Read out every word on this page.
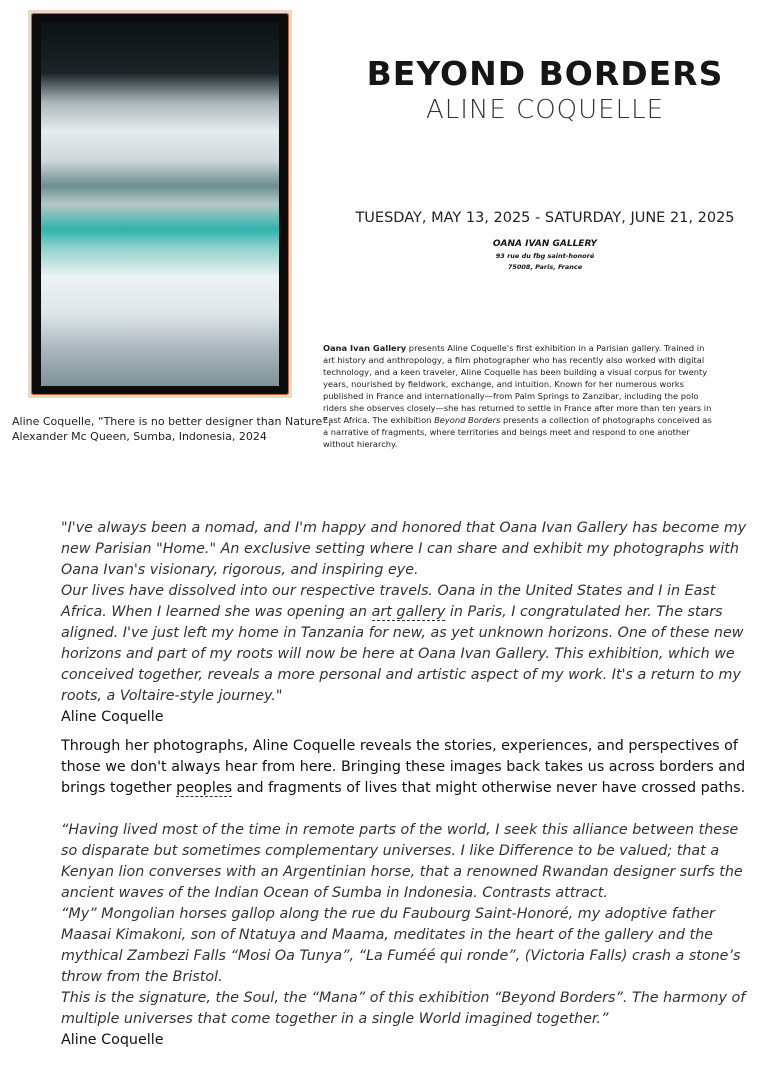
Aline Coquelle, “There is no better designer than Nature”,
Alexander Mc Queen, Sumba, Indonesia, 2024
BEYOND BORDERS
ALINE COQUELLE
TUESDAY, MAY 13, 2025 - SATURDAY, JUNE 21, 2025
OANA IVAN GALLERY
93 rue du fbg saint-honoré
75008, Paris, France
Oana Ivan Gallery presents Aline Coquelle's first exhibition in a Parisian gallery. Trained in art history and anthropology, a film photographer who has recently also worked with digital technology, and a keen traveler, Aline Coquelle has been building a visual corpus for twenty years, nourished by fieldwork, exchange, and intuition. Known for her numerous works published in France and internationally—from Palm Springs to Zanzibar, including the polo riders she observes closely—she has returned to settle in France after more than ten years in East Africa. The exhibition Beyond Borders presents a collection of photographs conceived as a narrative of fragments, where territories and beings meet and respond to one another without hierarchy.
"I've always been a nomad, and I'm happy and honored that Oana Ivan Gallery has become my new Parisian "Home." An exclusive setting where I can share and exhibit my photographs with Oana Ivan's visionary, rigorous, and inspiring eye.
Our lives have dissolved into our respective travels. Oana in the United States and I in East Africa. When I learned she was opening an art gallery in Paris, I congratulated her. The stars aligned. I've just left my home in Tanzania for new, as yet unknown horizons. One of these new horizons and part of my roots will now be here at Oana Ivan Gallery. This exhibition, which we conceived together, reveals a more personal and artistic aspect of my work. It's a return to my roots, a Voltaire-style journey."
Aline Coquelle
Through her photographs, Aline Coquelle reveals the stories, experiences, and perspectives of those we don't always hear from here. Bringing these images back takes us across borders and brings together peoples and fragments of lives that might otherwise never have crossed paths.
“Having lived most of the time in remote parts of the world, I seek this alliance between these so disparate but sometimes complementary universes. I like Difference to be valued; that a Kenyan lion converses with an Argentinian horse, that a renowned Rwandan designer surfs the ancient waves of the Indian Ocean of Sumba in Indonesia. Contrasts attract.
“My” Mongolian horses gallop along the rue du Faubourg Saint-Honoré, my adoptive father Maasai Kimakoni, son of Ntatuya and Maama, meditates in the heart of the gallery and the mythical Zambezi Falls “Mosi Oa Tunya”, “La Fuméé qui ronde”, (Victoria Falls) crash a stone’s throw from the Bristol.
This is the signature, the Soul, the “Mana” of this exhibition “Beyond Borders”. The harmony of multiple universes that come together in a single World imagined together.”
Aline Coquelle
